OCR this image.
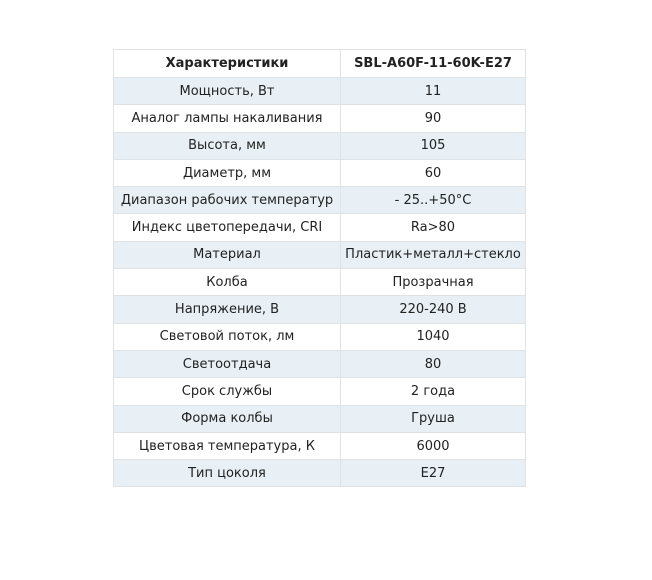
Характеристики	SBL-A60F-11-60K-E27
Мощность, Вт	11
Аналог лампы накаливания	90
Высота, мм	105
Диаметр, мм	60
Диапазон рабочих температур	- 25..+50°С
Индекс цветопередачи, CRI	Ra>80
Материал	Пластик+металл+стекло
Колба	Прозрачная
Напряжение, В	220-240 В
Световой поток, лм	1040
Светоотдача	80
Срок службы	2 года
Форма колбы	Груша
Цветовая температура, К	6000
Тип цоколя	E27
